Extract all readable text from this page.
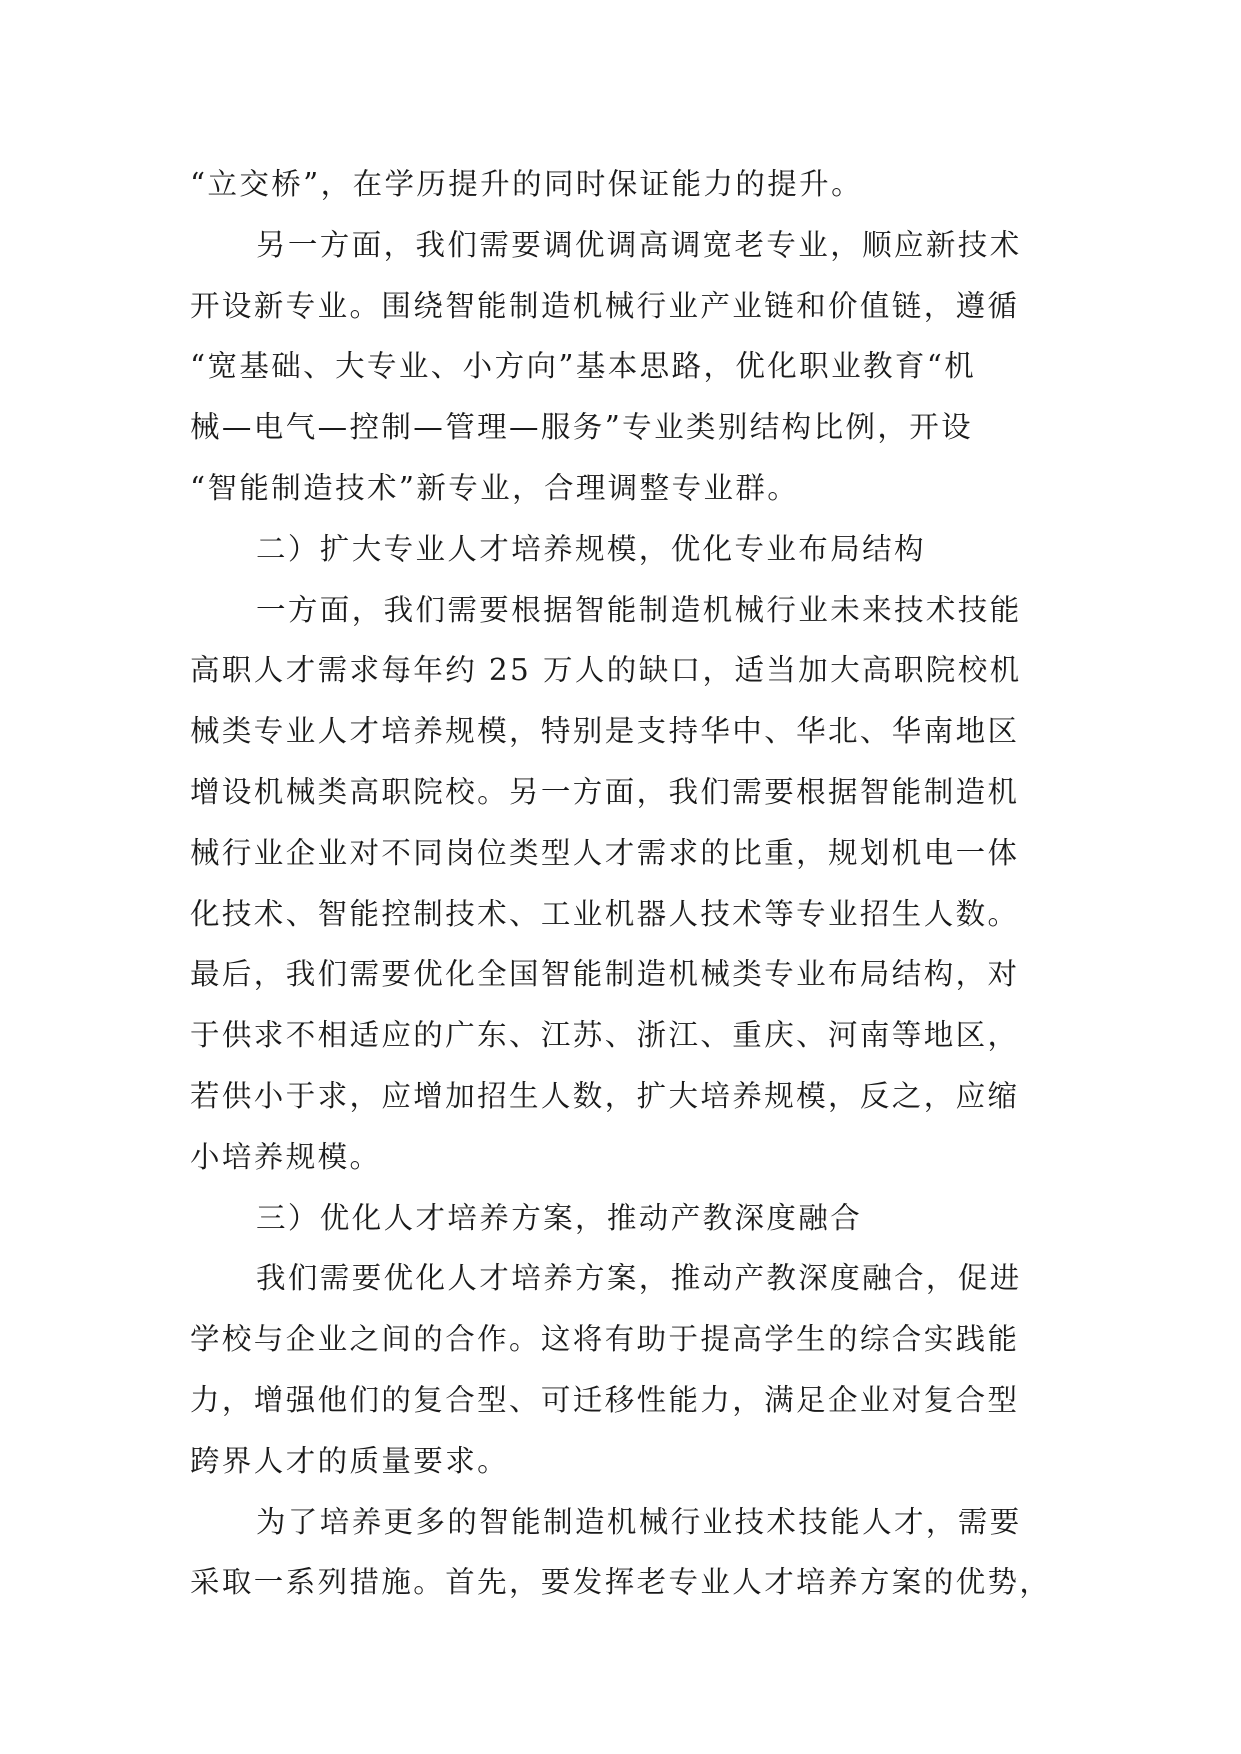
“立交桥”，在学历提升的同时保证能力的提升。
另一方面，我们需要调优调高调宽老专业，顺应新技术
开设新专业。围绕智能制造机械行业产业链和价值链，遵循
“宽基础、大专业、小方向”基本思路，优化职业教育“机
械—电气—控制—管理—服务”专业类别结构比例，开设
“智能制造技术”新专业，合理调整专业群。
二）扩大专业人才培养规模，优化专业布局结构
一方面，我们需要根据智能制造机械行业未来技术技能
高职人才需求每年约 25 万人的缺口，适当加大高职院校机
械类专业人才培养规模，特别是支持华中、华北、华南地区
增设机械类高职院校。另一方面，我们需要根据智能制造机
械行业企业对不同岗位类型人才需求的比重，规划机电一体
化技术、智能控制技术、工业机器人技术等专业招生人数。
最后，我们需要优化全国智能制造机械类专业布局结构，对
于供求不相适应的广东、江苏、浙江、重庆、河南等地区，
若供小于求，应增加招生人数，扩大培养规模，反之，应缩
小培养规模。
三）优化人才培养方案，推动产教深度融合
我们需要优化人才培养方案，推动产教深度融合，促进
学校与企业之间的合作。这将有助于提高学生的综合实践能
力，增强他们的复合型、可迁移性能力，满足企业对复合型
跨界人才的质量要求。
为了培养更多的智能制造机械行业技术技能人才，需要
采取一系列措施。首先，要发挥老专业人才培养方案的优势，
